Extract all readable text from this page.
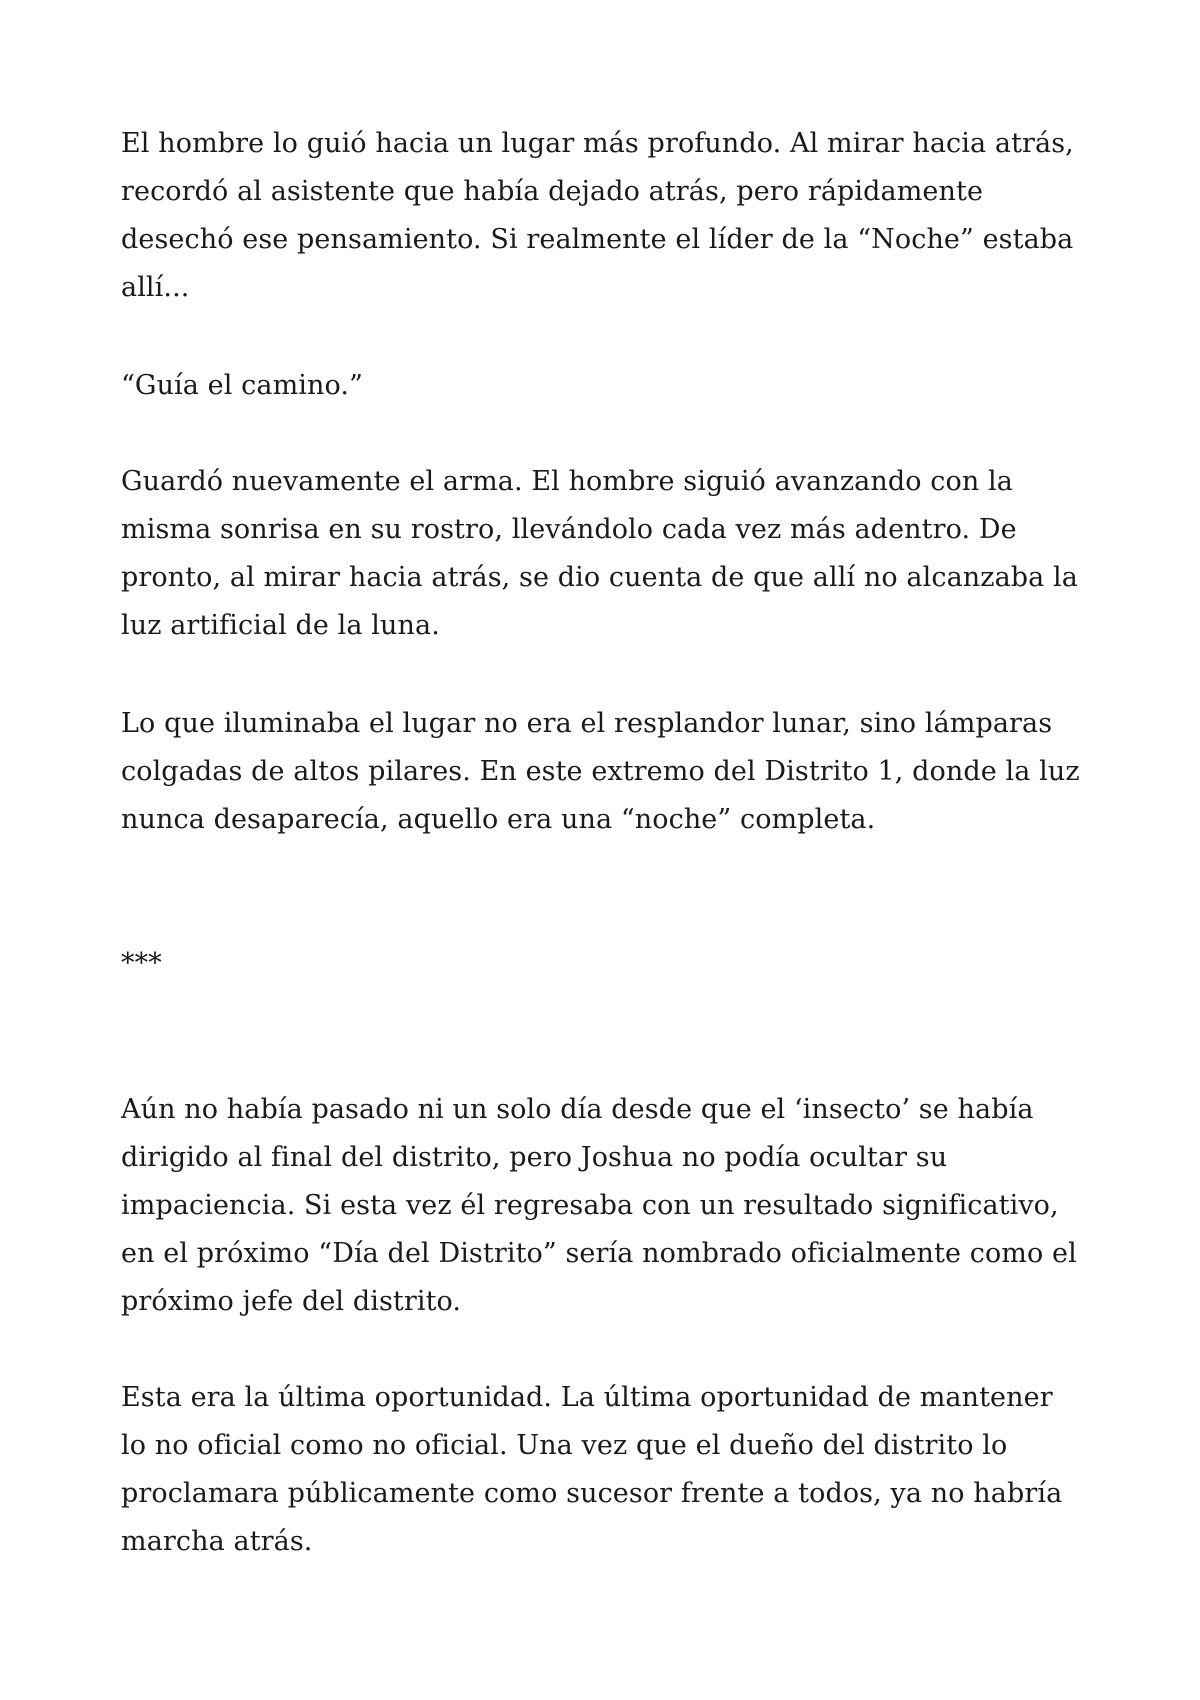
El hombre lo guió hacia un lugar más profundo. Al mirar hacia atrás,
recordó al asistente que había dejado atrás, pero rápidamente
desechó ese pensamiento. Si realmente el líder de la “Noche” estaba
allí...
“Guía el camino.”
Guardó nuevamente el arma. El hombre siguió avanzando con la
misma sonrisa en su rostro, llevándolo cada vez más adentro. De
pronto, al mirar hacia atrás, se dio cuenta de que allí no alcanzaba la
luz artificial de la luna.
Lo que iluminaba el lugar no era el resplandor lunar, sino lámparas
colgadas de altos pilares. En este extremo del Distrito 1, donde la luz
nunca desaparecía, aquello era una “noche” completa.
***
Aún no había pasado ni un solo día desde que el ‘insecto’ se había
dirigido al final del distrito, pero Joshua no podía ocultar su
impaciencia. Si esta vez él regresaba con un resultado significativo,
en el próximo “Día del Distrito” sería nombrado oficialmente como el
próximo jefe del distrito.
Esta era la última oportunidad. La última oportunidad de mantener
lo no oficial como no oficial. Una vez que el dueño del distrito lo
proclamara públicamente como sucesor frente a todos, ya no habría
marcha atrás.
